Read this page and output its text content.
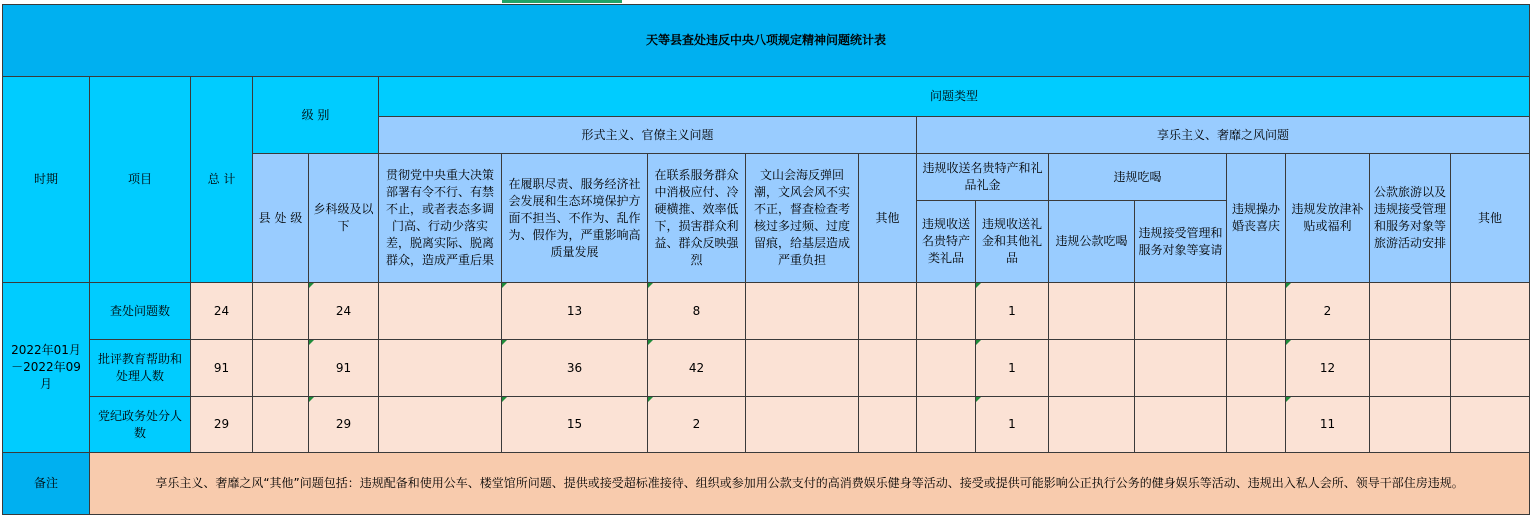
天等县查处违反中央八项规定精神问题统计表																	
时期	项目	总 计	级 别		问题类型												
					形式主义、官僚主义问题					享乐主义、奢靡之风问题							
			县 处 级	乡科级及以下	贯彻党中央重大决策部署有令不行、有禁不止，或者表态多调门高、行动少落实差，脱离实际、脱离群众，造成严重后果	在履职尽责、服务经济社会发展和生态环境保护方面不担当、不作为、乱作为、假作为，严重影响高质量发展	在联系服务群众中消极应付、冷硬横推、效率低下，损害群众利益、群众反映强烈	文山会海反弹回潮，文风会风不实不正，督查检查考核过多过频、过度留痕，给基层造成严重负担	其他	违规收送名贵特产和礼品礼金		违规吃喝		违规操办婚丧喜庆	违规发放津补贴或福利	公款旅游以及违规接受管理和服务对象等旅游活动安排	其他
										违规收送名贵特产类礼品	违规收送礼金和其他礼品	违规公款吃喝	违规接受管理和服务对象等宴请				
2022年01月－2022年09月	查处问题数	24		24		13	8				1				2		
	批评教育帮助和处理人数	91		91		36	42				1				12		
	党纪政务处分人数	29		29		15	2				1				11		
备注	享乐主义、奢靡之风“其他”问题包括：违规配备和使用公车、楼堂馆所问题、提供或接受超标准接待、组织或参加用公款支付的高消费娱乐健身等活动、接受或提供可能影响公正执行公务的健身娱乐等活动、违规出入私人会所、领导干部住房违规。																
